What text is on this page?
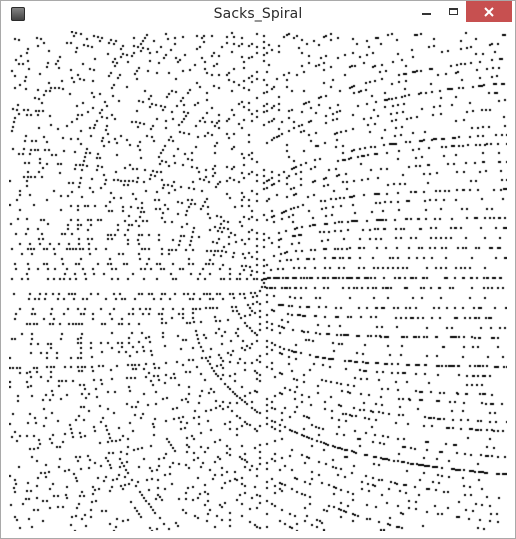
Sacks_Spiral
